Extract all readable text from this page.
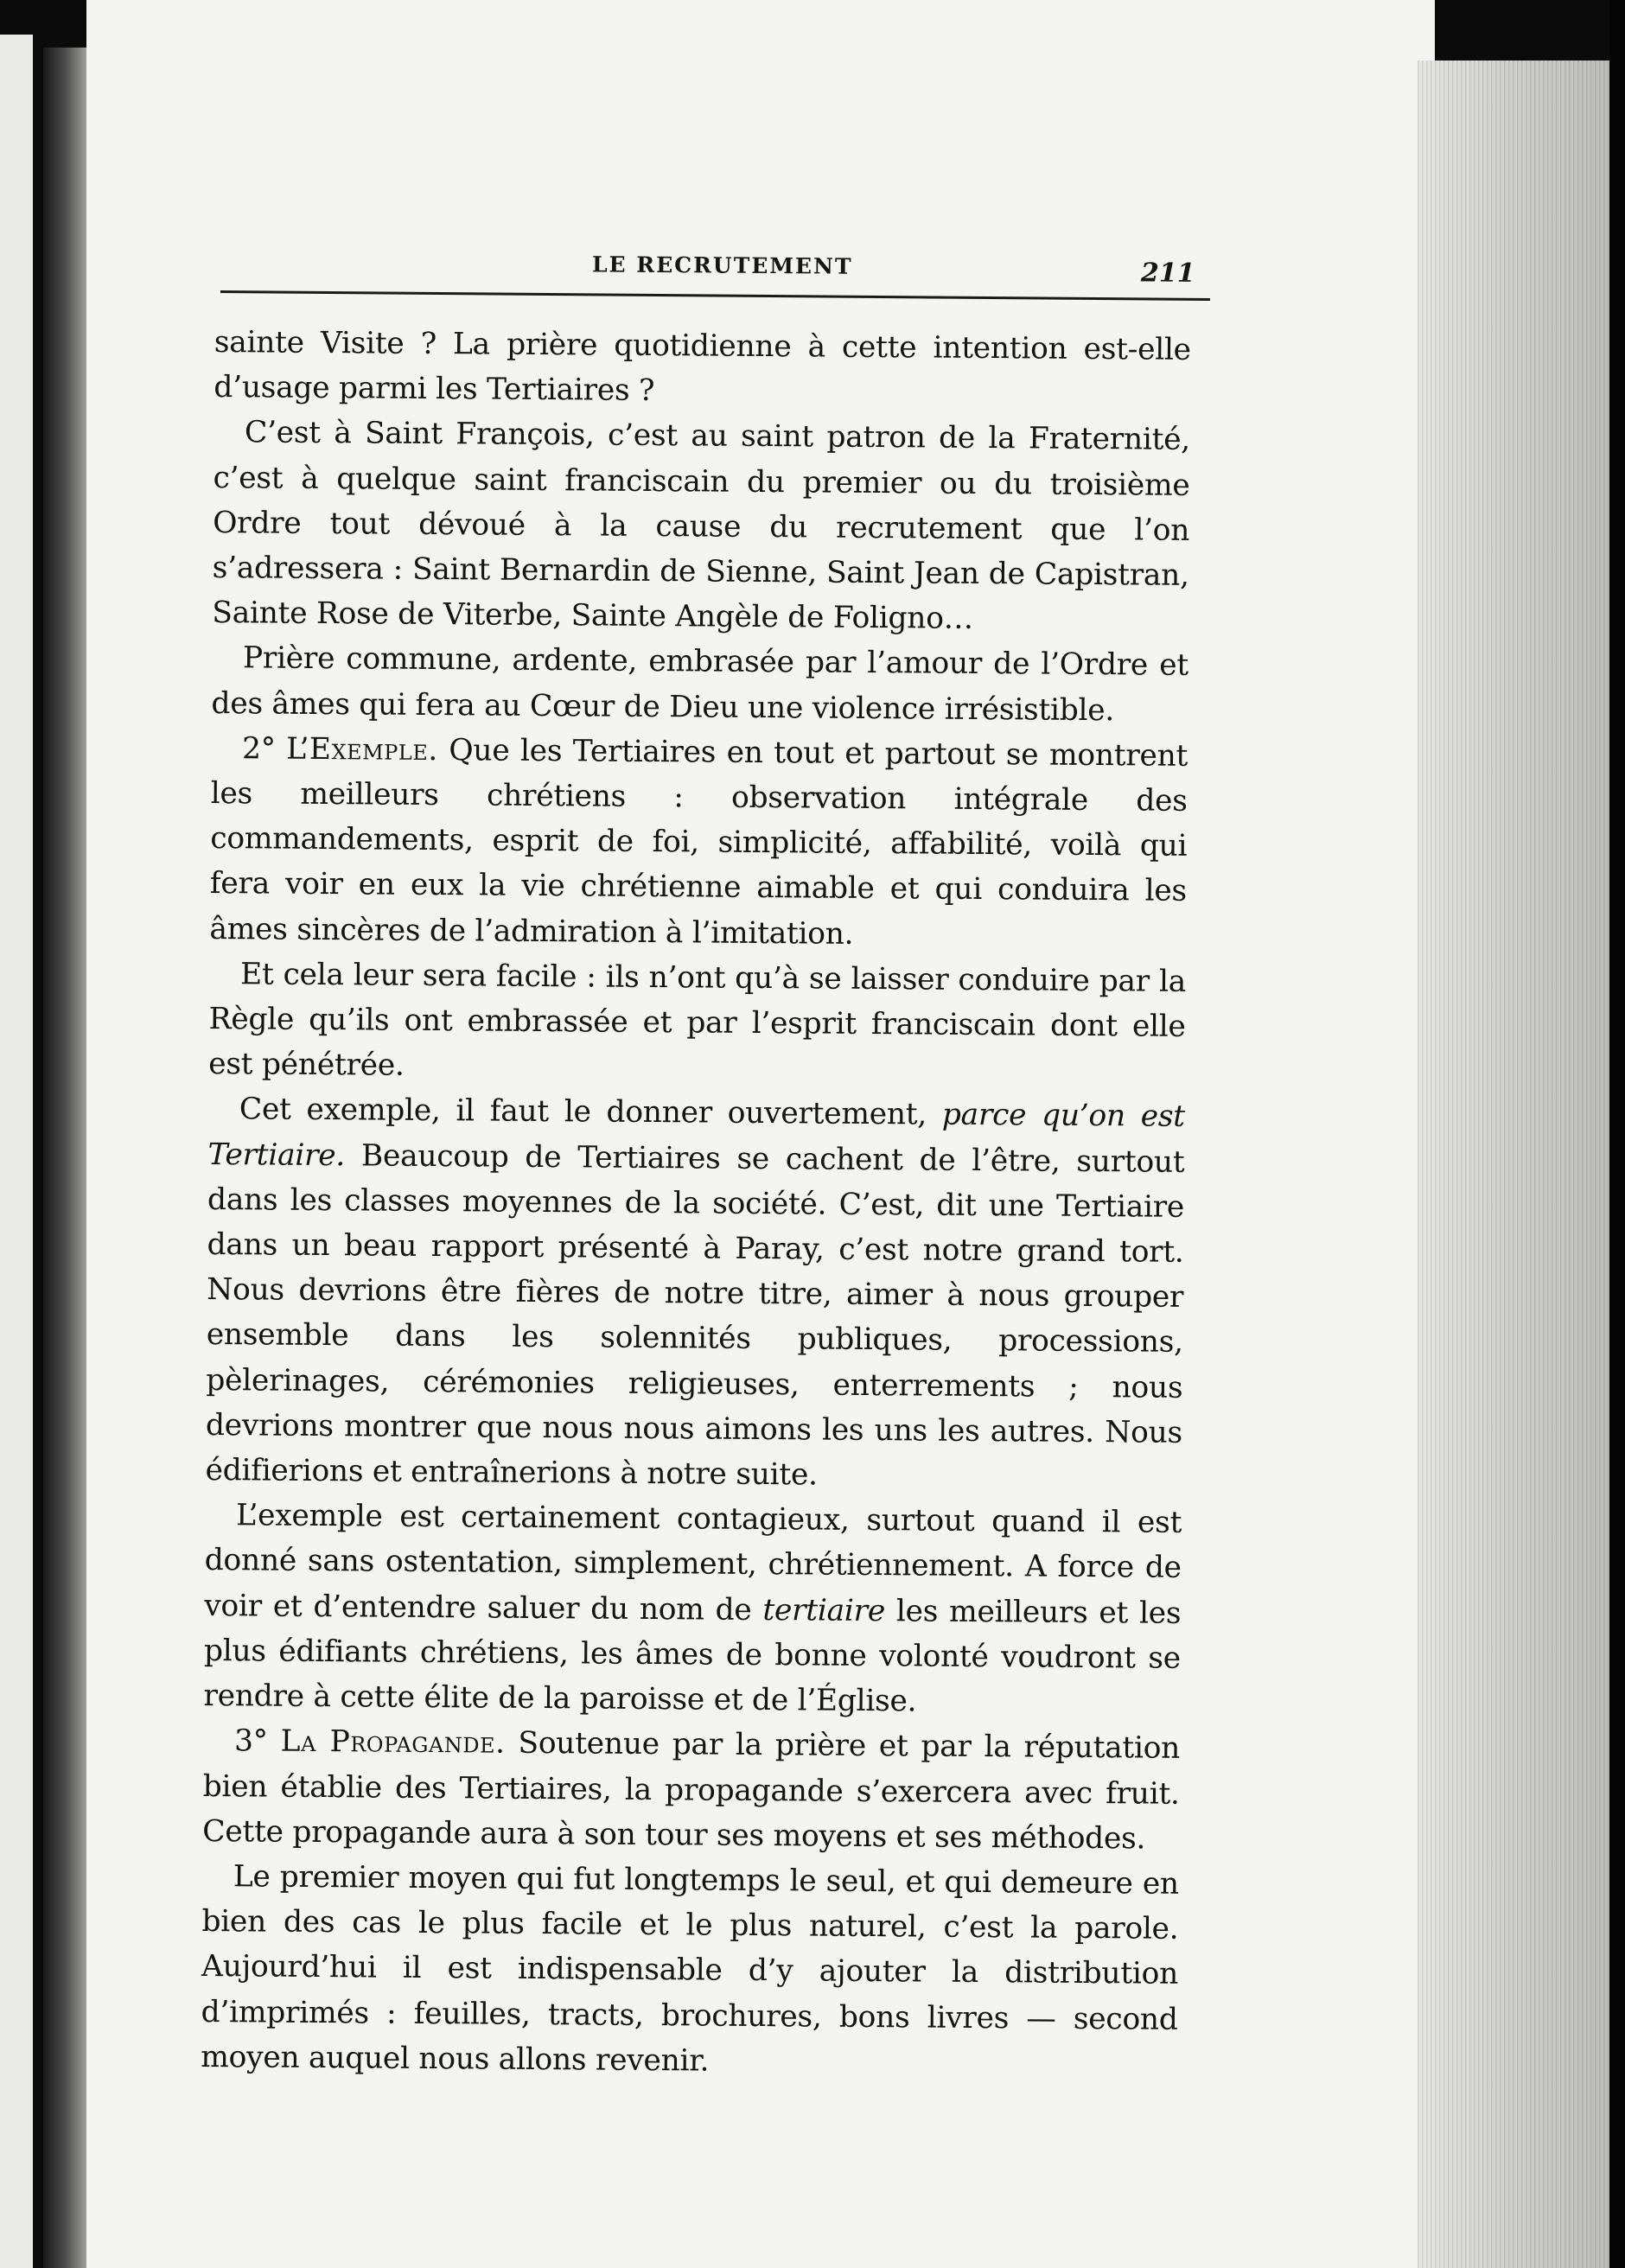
LE RECRUTEMENT	211

sainte Visite ? La prière quotidienne à cette intention est-elle d’usage parmi les Tertiaires ?

C’est à Saint François, c’est au saint patron de la Fraternité, c’est à quelque saint franciscain du premier ou du troisième Ordre tout dévoué à la cause du recrutement que l’on s’adressera : Saint Bernardin de Sienne, Saint Jean de Capistran, Sainte Rose de Viterbe, Sainte Angèle de Foligno…

Prière commune, ardente, embrasée par l’amour de l’Ordre et des âmes qui fera au Cœur de Dieu une violence irrésistible.

2° L’Exemple. Que les Tertiaires en tout et partout se montrent les meilleurs chrétiens : observation intégrale des commandements, esprit de foi, simplicité, affabilité, voilà qui fera voir en eux la vie chrétienne aimable et qui conduira les âmes sincères de l’admiration à l’imitation.

Et cela leur sera facile : ils n’ont qu’à se laisser conduire par la Règle qu’ils ont embrassée et par l’esprit franciscain dont elle est pénétrée.

Cet exemple, il faut le donner ouvertement, parce qu’on est Tertiaire. Beaucoup de Tertiaires se cachent de l’être, surtout dans les classes moyennes de la société. C’est, dit une Tertiaire dans un beau rapport présenté à Paray, c’est notre grand tort. Nous devrions être fières de notre titre, aimer à nous grouper ensemble dans les solennités publiques, processions, pèlerinages, cérémonies religieuses, enterrements ; nous devrions montrer que nous nous aimons les uns les autres. Nous édifierions et entraînerions à notre suite.

L’exemple est certainement contagieux, surtout quand il est donné sans ostentation, simplement, chrétiennement. A force de voir et d’entendre saluer du nom de tertiaire les meilleurs et les plus édifiants chrétiens, les âmes de bonne volonté voudront se rendre à cette élite de la paroisse et de l’Église.

3° La Propagande. Soutenue par la prière et par la réputation bien établie des Tertiaires, la propagande s’exercera avec fruit. Cette propagande aura à son tour ses moyens et ses méthodes.

Le premier moyen qui fut longtemps le seul, et qui demeure en bien des cas le plus facile et le plus naturel, c’est la parole. Aujourd’hui il est indispensable d’y ajouter la distribution d’imprimés : feuilles, tracts, brochures, bons livres — second moyen auquel nous allons revenir.
